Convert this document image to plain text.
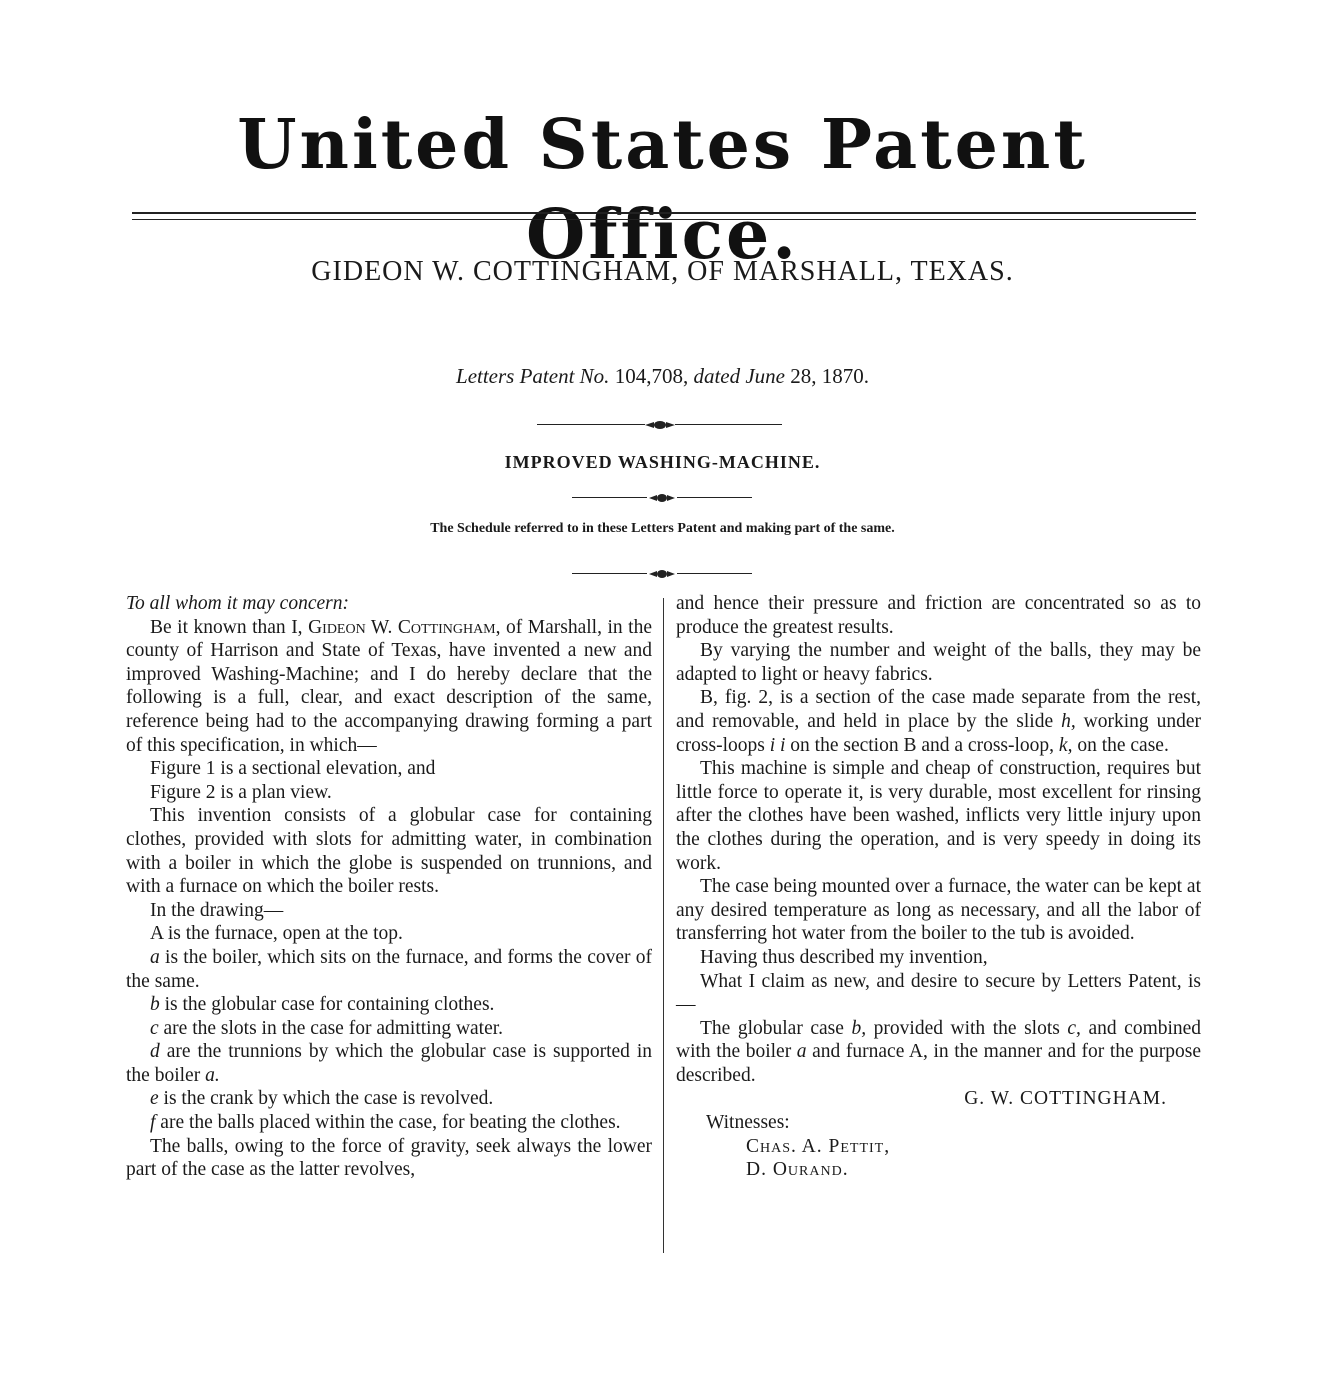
United States Patent Office.
GIDEON W. COTTINGHAM, OF MARSHALL, TEXAS.
Letters Patent No. 104,708, dated June 28, 1870.
IMPROVED WASHING-MACHINE.
The Schedule referred to in these Letters Patent and making part of the same.

To all whom it may concern:

Be it known than I, Gideon W. Cottingham, of Marshall, in the county of Harrison and State of Texas, have invented a new and improved Washing-Machine; and I do hereby declare that the following is a full, clear, and exact description of the same, reference being had to the accompanying drawing forming a part of this specification, in which—

Figure 1 is a sectional elevation, and

Figure 2 is a plan view.

This invention consists of a globular case for containing clothes, provided with slots for admitting water, in combination with a boiler in which the globe is suspended on trunnions, and with a furnace on which the boiler rests.

In the drawing—

A is the furnace, open at the top.

a is the boiler, which sits on the furnace, and forms the cover of the same.

b is the globular case for containing clothes.

c are the slots in the case for admitting water.

d are the trunnions by which the globular case is supported in the boiler a.

e is the crank by which the case is revolved.

f are the balls placed within the case, for beating the clothes.

The balls, owing to the force of gravity, seek always the lower part of the case as the latter revolves,

and hence their pressure and friction are concentrated so as to produce the greatest results.

By varying the number and weight of the balls, they may be adapted to light or heavy fabrics.

B, fig. 2, is a section of the case made separate from the rest, and removable, and held in place by the slide h, working under cross-loops i i on the section B and a cross-loop, k, on the case.

This machine is simple and cheap of construction, requires but little force to operate it, is very durable, most excellent for rinsing after the clothes have been washed, inflicts very little injury upon the clothes during the operation, and is very speedy in doing its work.

The case being mounted over a furnace, the water can be kept at any desired temperature as long as necessary, and all the labor of transferring hot water from the boiler to the tub is avoided.

Having thus described my invention,

What I claim as new, and desire to secure by Letters Patent, is—

The globular case b, provided with the slots c, and combined with the boiler a and furnace A, in the manner and for the purpose described.

G. W. COTTINGHAM.

Witnesses:

Chas. A. Pettit,

D. Ourand.
